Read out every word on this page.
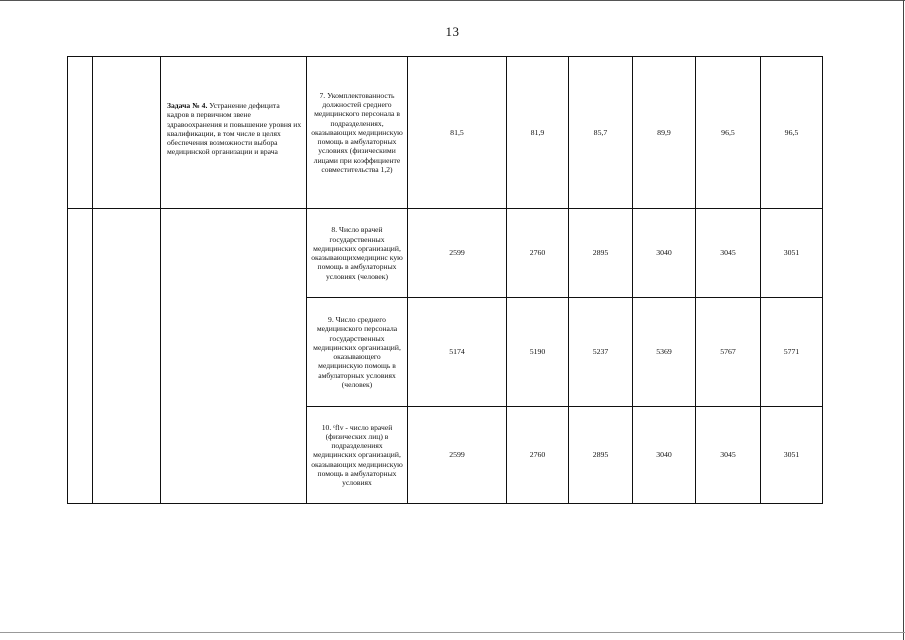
13
Задача № 4. Устранение дефицита кадров в первичном звене здравоохранения и повышение уровня их квалификации, в том числе в целях обеспечения возможности выбора медицинской организации и врача
7. Укомплектованность должностей среднего медицинского персонала в подразделениях, оказывающих медицинскую помощь в амбулаторных условиях (физическими лицами при коэффициенте совместительства 1,2)
81,5	81,9	85,7	89,9	96,5	96,5
8. Число врачей государственных медицинских организаций, оказывающихмедицинс кую помощь в амбулаторных условиях (человек)
2599	2760	2895	3040	3045	3051
9. Число среднего медицинского персонала государственных медицинских организаций, оказывающего медицинскую помощь в амбулаторных условиях (человек)
5174	5190	5237	5369	5767	5771
10. ᶜflv - число врачей (физических лиц) в подразделениях медицинских организаций, оказывающих медицинскую помощь в амбулаторных условиях
2599	2760	2895	3040	3045	3051
